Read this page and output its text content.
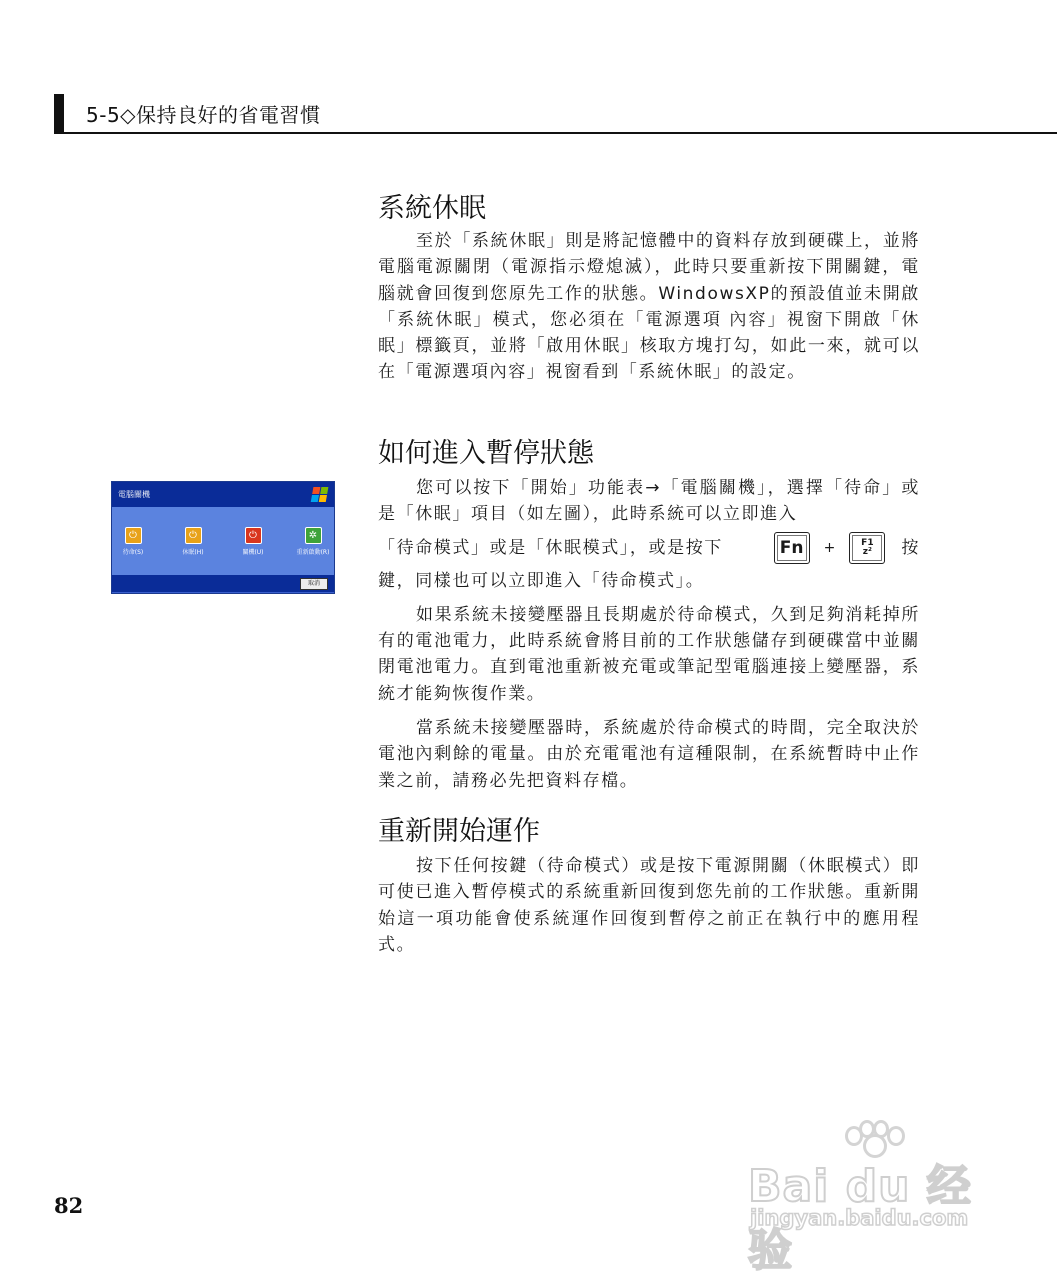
5-5◇保持良好的省電習慣
系統休眠

至於「系統休眠」則是將記憶體中的資料存放到硬碟上，並將電腦電源關閉（電源指示燈熄滅），此時只要重新按下開關鍵，電腦就會回復到您原先工作的狀態。WindowsXP的預設值並未開啟「系統休眠」模式，您必須在「電源選項 內容」視窗下開啟「休眠」標籤頁，並將「啟用休眠」核取方塊打勾，如此一來，就可以在「電源選項內容」視窗看到「系統休眠」的設定。

如何進入暫停狀態

您可以按下「開始」功能表→「電腦關機」，選擇「待命」或是「休眠」項目（如左圖），此時系統可以立即進入

「待命模式」或是「休眠模式」，或是按下	Fn	+	F1
z² 按

鍵，同樣也可以立即進入「待命模式」。

如果系統未接變壓器且長期處於待命模式，久到足夠消耗掉所有的電池電力，此時系統會將目前的工作狀態儲存到硬碟當中並關閉電池電力。直到電池重新被充電或筆記型電腦連接上變壓器，系統才能夠恢復作業。

當系統未接變壓器時，系統處於待命模式的時間，完全取決於電池內剩餘的電量。由於充電電池有這種限制，在系統暫時中止作業之前，請務必先把資料存檔。

重新開始運作

按下任何按鍵（待命模式）或是按下電源開關（休眠模式）即可使已進入暫停模式的系統重新回復到您先前的工作狀態。重新開始這一項功能會使系統運作回復到暫停之前正在執行中的應用程式。

電腦關機
⏻
待命(S)
⏻
休眠(H)
⏻
關機(U)
✲
重新啟動(R)
取消
82	Bai du 经验
jingyan.baidu.com
